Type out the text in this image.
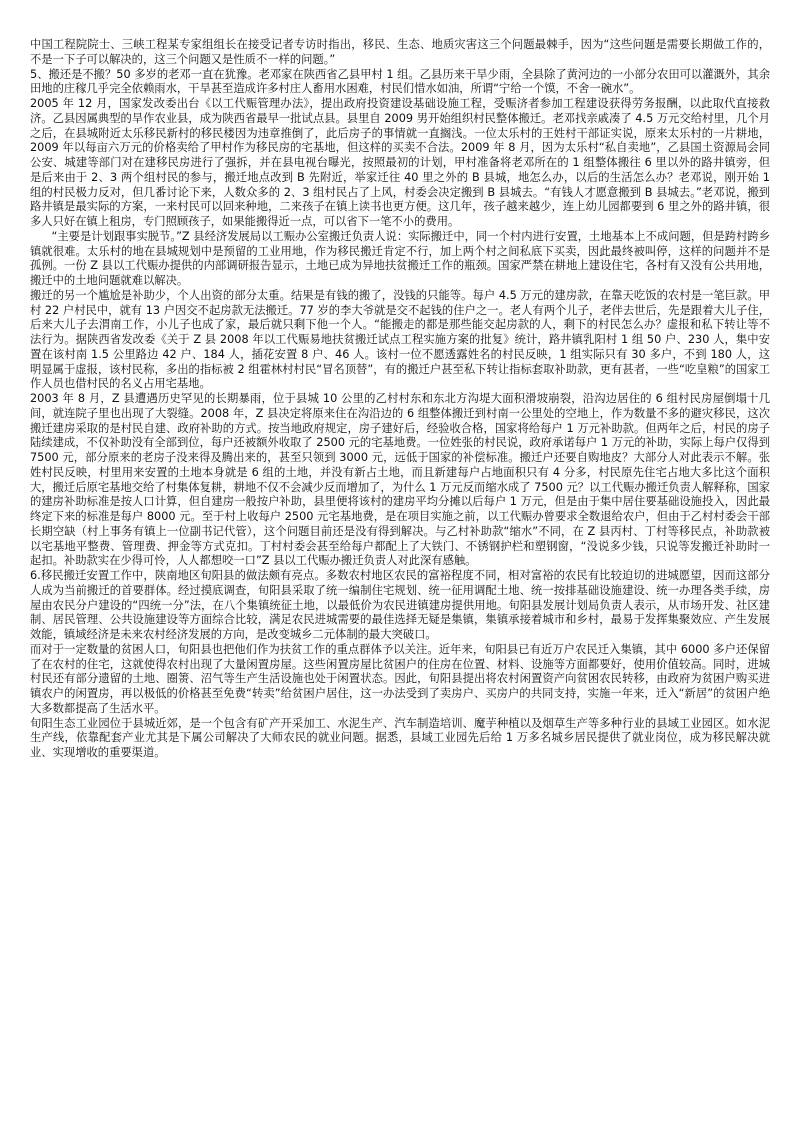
中国工程院院士、三峡工程某专家组组长在接受记者专访时指出，移民、生态、地质灾害这三个问题最棘手，因为“这些问题是需要长期做工作的，不是一下子可以解决的，这三个问题又是性质不一样的问题。”

5、搬还是不搬？50 多岁的老邓一直在犹豫。老邓家在陕西省乙县甲村 1 组。乙县历来干旱少雨，全县除了黄河边的一小部分农田可以灌溉外，其余田地的庄稼几乎完全依赖雨水，干旱甚至造成许多村庄人畜用水困难，村民们惜水如油，所谓“宁给一个馍，不舍一碗水”。

2005 年 12 月，国家发改委出台《以工代赈管理办法》，提出政府投资建设基础设施工程，受赈济者参加工程建设获得劳务报酬，以此取代直接救济。乙县因属典型的旱作农业县，成为陕西省最早一批试点县。县里自 2009 男开始组织村民整体搬迁。老邓找亲戚凑了 4.5 万元交给村里，几个月之后，在县城附近太乐移民新村的移民楼因为违章推倒了，此后房子的事情就一直搁浅。一位太乐村的王姓村干部证实说，原来太乐村的一片耕地，2009 年以每亩六万元的价格卖给了甲村作为移民房的宅基地，但这样的买卖不合法。2009 年 8 月，因为太乐村“私自卖地”，乙县国土资源局会同公安、城建等部门对在建移民房进行了强拆，并在县电视台曝光，按照最初的计划，甲村准备将老邓所在的 1 组整体搬往 6 里以外的路井镇旁，但是后来由于 2、3 两个组村民的参与，搬迁地点改到 B 先附近，举家迁往 40 里之外的 B 县城，地怎么办，以后的生活怎么办？老邓说，刚开始 1 组的村民极力反对，但几番讨论下来，人数众多的 2、3 组村民占了上风，村委会决定搬到 B 县城去。“有钱人才愿意搬到 B 县城去。”老邓说，搬到路井镇是最实际的方案，一来村民可以回来种地，二来孩子在镇上读书也更方便。这几年，孩子越来越少，连上幼儿园都要到 6 里之外的路井镇，很多人只好在镇上租房，专门照顾孩子，如果能搬得近一点，可以省下一笔不小的费用。

“主要是计划跟事实脱节。”Z 县经济发展局以工赈办公室搬迁负责人说：实际搬迁中，同一个村内进行安置，土地基本上不成问题，但是跨村跨乡镇就很难。太乐村的地在县城规划中是预留的工业用地，作为移民搬迁肯定不行，加上两个村之间私底下买卖，因此最终被叫停，这样的问题并不是孤例。一份 Z 县以工代赈办提供的内部调研报告显示，土地已成为异地扶贫搬迁工作的瓶颈。国家严禁在耕地上建设住宅，各村有又没有公共用地，搬迁中的土地问题就难以解决。

搬迁的另一个尴尬是补助少，个人出资的部分太重。结果是有钱的搬了，没钱的只能等。每户 4.5 万元的建房款，在靠天吃饭的农村是一笔巨款。甲村 22 户村民中，就有 13 户因交不起房款无法搬迁。77 岁的李大爷就是交不起钱的住户之一。老人有两个儿子，老伴去世后，先是跟着大儿子住，后来大儿子去渭南工作，小儿子也成了家，最后就只剩下他一个人。“能搬走的都是那些能交起房款的人，剩下的村民怎么办？虚报和私下转让等不法行为。据陕西省发改委《关于 Z 县 2008 年以工代赈易地扶贫搬迁试点工程实施方案的批复》统计，路井镇乳阳村 1 组 50 户、230 人，集中安置在该村南 1.5 公里路边 42 户、184 人，插花安置 8 户、46 人。该村一位不愿透露姓名的村民反映，1 组实际只有 30 多户，不到 180 人，这明显属于虚报，该村民称，多出的指标被 2 组霍林村村民“冒名顶替”，有的搬迁户甚至私下转让指标套取补助款，更有甚者，一些“吃皇粮”的国家工作人员也借村民的名义占用宅基地。

2003 年 8 月，Z 县遭遇历史罕见的长期暴雨，位于县城 10 公里的乙村村东和东北方沟堤大面积滑坡崩裂，沿沟边居住的 6 组村民房屋倒塌十几间，就连院子里也出现了大裂缝。2008 年，Z 县决定将原来住在沟沿边的 6 组整体搬迁到村南一公里处的空地上，作为数量不多的避灾移民，这次搬迁建房采取的是村民自建、政府补助的方式。按当地政府规定，房子建好后，经验收合格，国家将给每户 1 万元补助款。但两年之后，村民的房子陆续建成，不仅补助没有全部到位，每户还被额外收取了 2500 元的宅基地费。一位姓张的村民说，政府承诺每户 1 万元的补助，实际上每户仅得到 7500 元，部分原来的老房子没来得及腾出来的，甚至只领到 3000 元，远低于国家的补偿标准。搬迁户还要自购地皮？大部分人对此表示不解。张姓村民反映，村里用来安置的土地本身就是 6 组的土地，并没有新占土地，而且新建每户占地面积只有 4 分多，村民原先住宅占地大多比这个面积大，搬迁后原宅基地交给了村集体复耕，耕地不仅不会减少反而增加了，为什么 1 万元反而缩水成了 7500 元？以工代赈办搬迁负责人解释称，国家的建房补助标准是按人口计算，但自建房一般按户补助，县里便将该村的建房平均分摊以后每户 1 万元，但是由于集中居住要基础设施投入，因此最终定下来的标准是每户 8000 元。至于村上收每户 2500 元宅基地费，是在项目实施之前，以工代赈办曾要求全数退给农户，但由于乙村村委会干部长期空缺（村上事务有镇上一位副书记代管），这个问题目前还是没有得到解决。与乙村补助款“缩水”不同，在 Z 县丙村、丁村等移民点，补助款被以宅基地平整费、管理费、押金等方式克扣。丁村村委会甚至给每户都配上了大铁门、不锈钢护栏和塑钢窗，“没说多少钱，只说等发搬迁补助时一起扣。补助款实在少得可怜，人人都想咬一口”Z 县以工代赈办搬迁负责人对此深有感触。

6.移民搬迁安置工作中，陕南地区旬阳县的做法颇有亮点。多数农村地区农民的富裕程度不同，相对富裕的农民有比较迫切的进城愿望，因而这部分人成为当前搬迁的首要群体。经过摸底调查，旬阳县采取了统一编制住宅规划、统一征用调配土地、统一按排基础设施建设、统一办理各类手续，房屋由农民分户建设的“四统一分”法，在八个集镇统征土地，以最低价为农民进镇建房提供用地。旬阳县发展计划局负责人表示，从市场开发、社区建制、居民管理、公共设施建设等方面综合比较，满足农民进城需要的最佳选择无疑是集镇，集镇承接着城市和乡村，最易于发挥集聚效应、产生发展效能，镇域经济是未来农村经济发展的方向，是改变城乡二元体制的最大突破口。

而对于一定数量的贫困人口，旬阳县也把他们作为扶贫工作的重点群体予以关注。近年来，旬阳县已有近万户农民迁入集镇，其中 6000 多户还保留了在农村的住宅，这就使得农村出现了大量闲置房屋。这些闲置房屋比贫困户的住房在位置、材料、设施等方面都要好，使用价值较高。同时，进城村民还有部分遗留的土地、圈箦、沼气等生产生活设施也处于闲置状态。因此，旬阳县提出将农村闲置资产向贫困农民转移，由政府为贫困户购买进镇农户的闲置房，再以极低的价格甚至免费“转卖”给贫困户居住，这一办法受到了卖房户、买房户的共同支持，实施一年来，迁入“新居”的贫困户绝大多数都提高了生活水平。

旬阳生态工业园位于县城近郊，是一个包含有矿产开采加工、水泥生产、汽车制造培训、魔芋种植以及烟草生产等多种行业的县域工业园区。如水泥生产线，依靠配套产业尤其是下属公司解决了大师农民的就业问题。据悉，县域工业园先后给 1 万多名城乡居民提供了就业岗位，成为移民解决就业、实现增收的重要渠道。
